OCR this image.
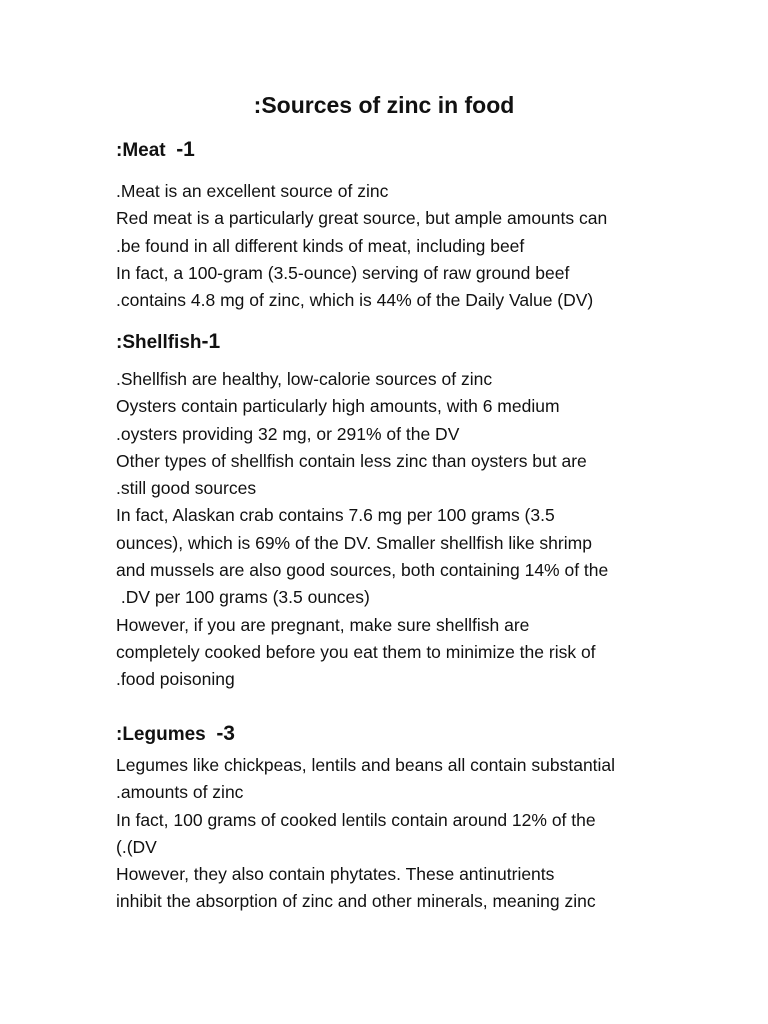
:Sources of zinc in food
:Meat -1
.Meat is an excellent source of zinc
Red meat is a particularly great source, but ample amounts can
.be found in all different kinds of meat, including beef
In fact, a 100-gram (3.5-ounce) serving of raw ground beef
.contains 4.8 mg of zinc, which is 44% of the Daily Value (DV)
:Shellfish-1
.Shellfish are healthy, low-calorie sources of zinc
Oysters contain particularly high amounts, with 6 medium
.oysters providing 32 mg, or 291% of the DV
Other types of shellfish contain less zinc than oysters but are
.still good sources
In fact, Alaskan crab contains 7.6 mg per 100 grams (3.5
ounces), which is 69% of the DV. Smaller shellfish like shrimp
and mussels are also good sources, both containing 14% of the
.DV per 100 grams (3.5 ounces)
However, if you are pregnant, make sure shellfish are
completely cooked before you eat them to minimize the risk of
.food poisoning
:Legumes -3
Legumes like chickpeas, lentils and beans all contain substantial
.amounts of zinc
In fact, 100 grams of cooked lentils contain around 12% of the
(.(DV
However, they also contain phytates. These antinutrients
inhibit the absorption of zinc and other minerals, meaning zinc
